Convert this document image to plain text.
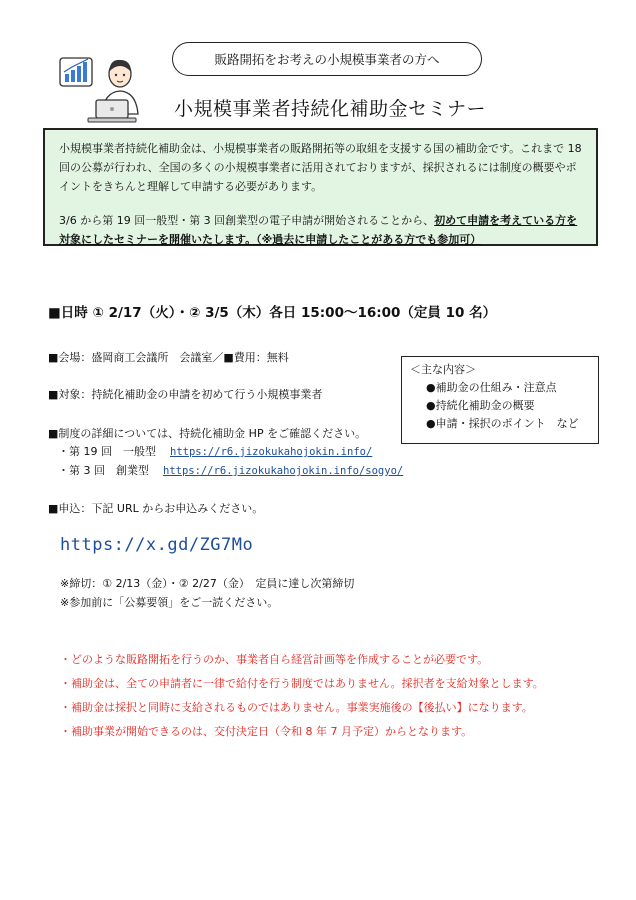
販路開拓をお考えの小規模事業者の方へ
小規模事業者持続化補助金セミナー

小規模事業者持続化補助金は、小規模事業者の販路開拓等の取組を支援する国の補助金です。これまで 18 回の公募が行われ、全国の多くの小規模事業者に活用されておりますが、採択されるには制度の概要やポイントをきちんと理解して申請する必要があります。

3/6 から第 19 回一般型・第 3 回創業型の電子申請が開始されることから、初めて申請を考えている方を対象にしたセミナーを開催いたします。（※過去に申請したことがある方でも参加可）

■日時 ① 2/17（火）・② 3/5（木）各日 15:00～16:00（定員 10 名）
■会場：盛岡商工会議所　会議室／■費用：無料
■対象：持続化補助金の申請を初めて行う小規模事業者
■制度の詳細については、持続化補助金 HP をご確認ください。
・第 19 回　一般型 https://r6.jizokukahojokin.info/
・第 3 回　創業型 https://r6.jizokukahojokin.info/sogyo/
＜主な内容＞
●補助金の仕組み・注意点
●持続化補助金の概要
●申請・採択のポイント　など
■申込：下記 URL からお申込みください。
https://x.gd/ZG7Mo
※締切：① 2/13（金）・② 2/27（金）　定員に達し次第締切
※参加前に「公募要領」をご一読ください。
・どのような販路開拓を行うのか、事業者自ら経営計画等を作成することが必要です。
・補助金は、全ての申請者に一律で給付を行う制度ではありません。採択者を支給対象とします。
・補助金は採択と同時に支給されるものではありません。事業実施後の【後払い】になります。
・補助事業が開始できるのは、交付決定日（令和 8 年 7 月予定）からとなります。
